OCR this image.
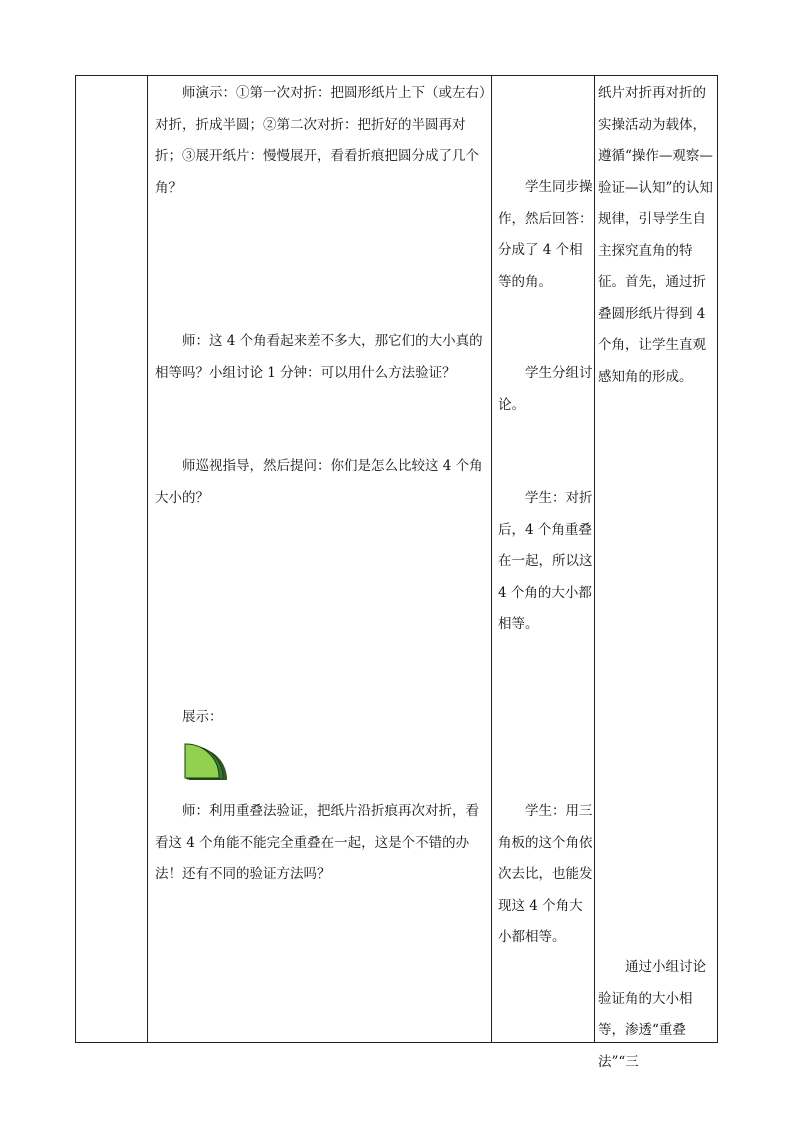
师演示：①第一次对折：把圆形纸片上下（或左右）对折，折成半圆；②第二次对折：把折好的半圆再对折；③展开纸片：慢慢展开，看看折痕把圆分成了几个角？
师：这 4 个角看起来差不多大，那它们的大小真的相等吗？小组讨论 1 分钟：可以用什么方法验证？
师巡视指导，然后提问：你们是怎么比较这 4 个角大小的？
展示：
师：利用重叠法验证，把纸片沿折痕再次对折，看看这 4 个角能不能完全重叠在一起，这是个不错的办法！还有不同的验证方法吗？
学生同步操作，然后回答：分成了 4 个相等的角。
学生分组讨论。
学生：对折后，4 个角重叠在一起，所以这 4 个角的大小都相等。
学生：用三角板的这个角依次去比，也能发现这 4 个角大小都相等。
纸片对折再对折的实操活动为载体，遵循“操作—观察—验证—认知”的认知规律，引导学生自主探究直角的特征。首先，通过折叠圆形纸片得到 4 个角，让学生直观感知角的形成。
通过小组讨论验证角的大小相等，渗透“重叠法”“三
